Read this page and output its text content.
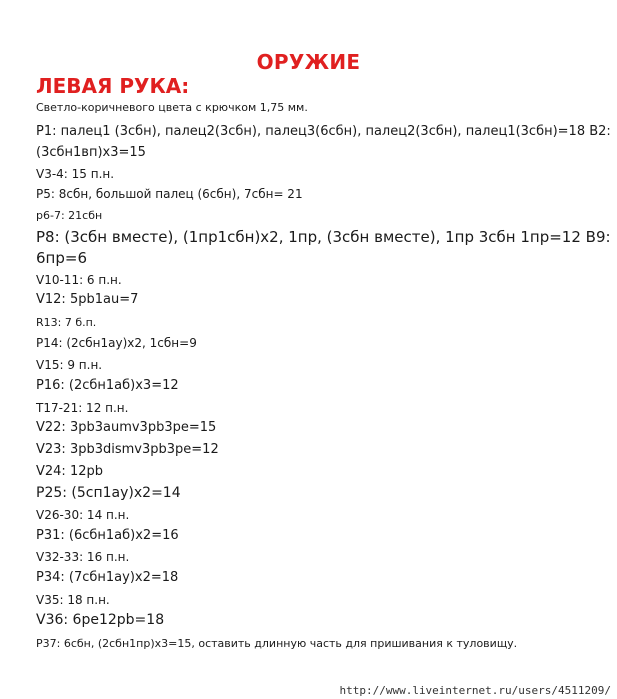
ОРУЖИЕ
ЛЕВАЯ РУКА:
Светло-коричневого цвета с крючком 1,75 мм.
Р1: палец1 (3сбн), палец2(3сбн), палец3(6сбн), палец2(3сбн), палец1(3сбн)=18 В2:
(3сбн1вп)х3=15
V3-4: 15 п.н.
Р5: 8сбн, большой палец (6сбн), 7сбн= 21
р6-7: 21сбн
Р8: (3сбн вместе), (1пр1сбн)х2, 1пр, (3сбн вместе), 1пр 3сбн 1пр=12 В9:
6пр=6
V10-11: 6 п.н.
V12: 5pb1au=7
R13: 7 б.п.
Р14: (2сбн1ау)х2, 1сбн=9
V15: 9 п.н.
Р16: (2сбн1аб)х3=12
Т17-21: 12 п.н.
V22: 3pb3aumv3pb3pe=15
V23: 3pb3dismv3pb3pe=12
V24: 12pb
Р25: (5сп1ау)х2=14
V26-30: 14 п.н.
Р31: (6сбн1аб)х2=16
V32-33: 16 п.н.
Р34: (7сбн1ау)х2=18
V35: 18 п.н.
V36: 6pe12pb=18
Р37: 6сбн, (2сбн1пр)х3=15, оставить длинную часть для пришивания к туловищу.
http://www.liveinternet.ru/users/4511209/
